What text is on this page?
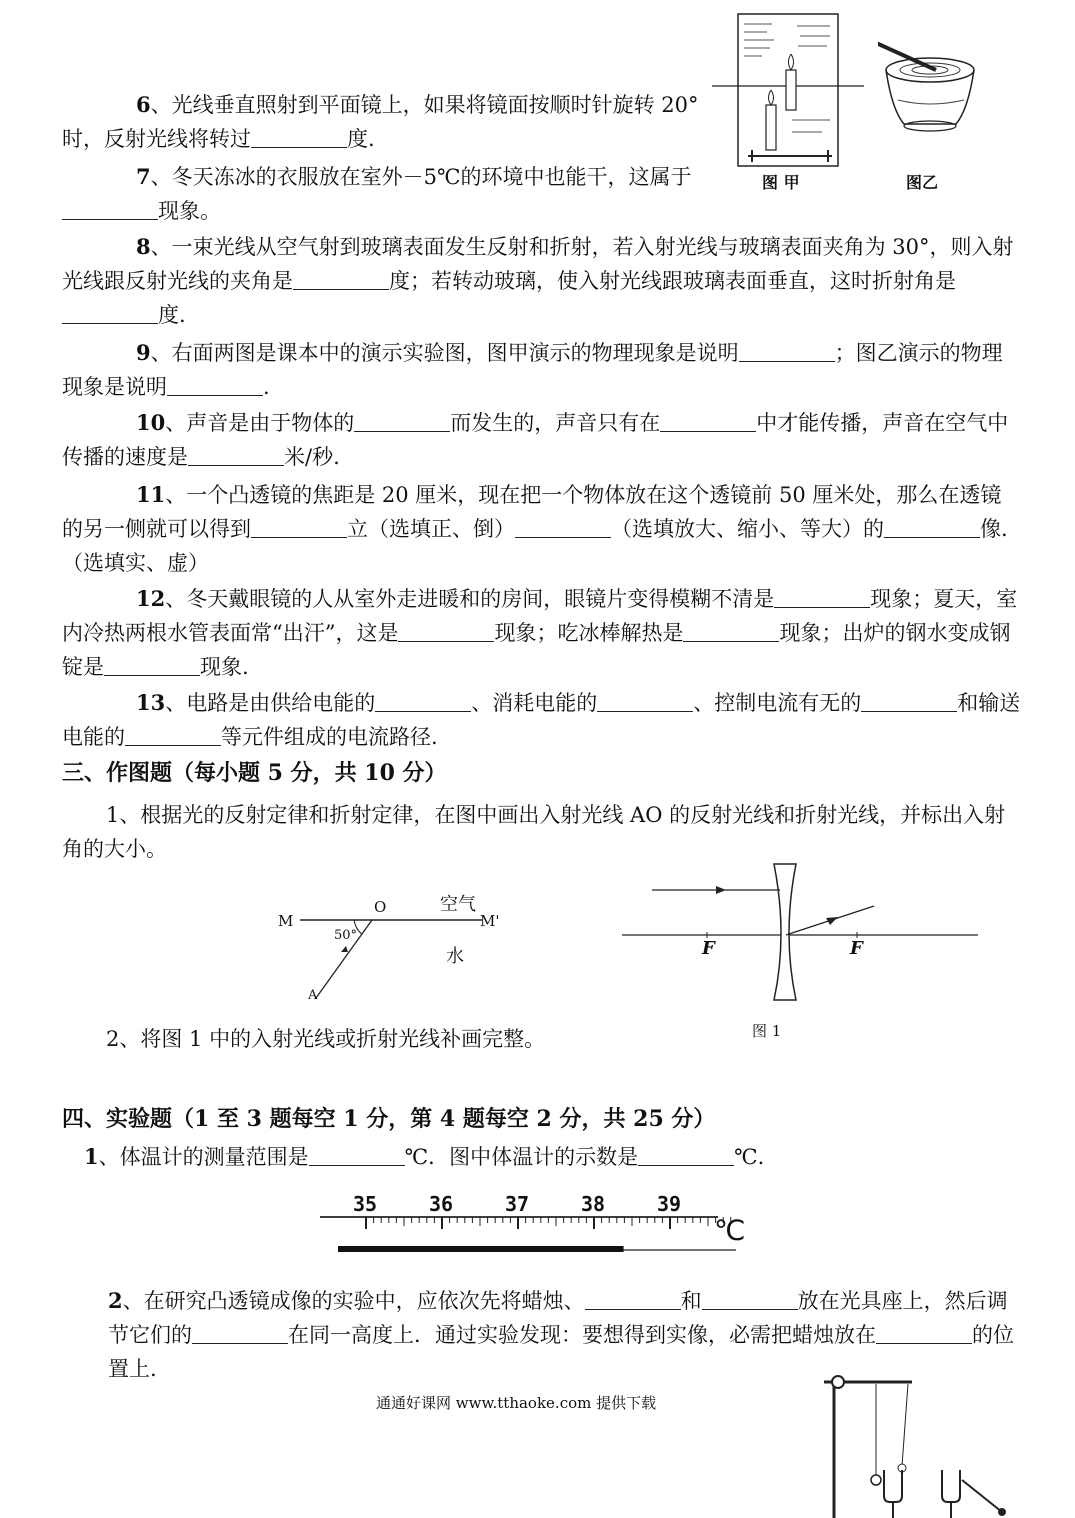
图 甲	图乙
6、光线垂直照射到平面镜上，如果将镜面按顺时针旋转 20° 时，反射光线将转过	度.
7、冬天冻冰的衣服放在室外－5℃的环境中也能干，这属于现象。
8、一束光线从空气射到玻璃表面发生反射和折射，若入射光线与玻璃表面夹角为 30°，则入射光线跟反射光线的夹角是	度；若转动玻璃，使入射光线跟玻璃表面垂直，这时折射角是度.
9、右面两图是课本中的演示实验图，图甲演示的物理现象是说明	；图乙演示的物理现象是说明	.
10、声音是由于物体的	而发生的，声音只有在	中才能传播，声音在空气中传播的速度是	米/秒.
11、一个凸透镜的焦距是 20 厘米，现在把一个物体放在这个透镜前 50 厘米处，那么在透镜的另一侧就可以得到	立（选填正、倒）	（选填放大、缩小、等大）的	像.（选填实、虚）
12、冬天戴眼镜的人从室外走进暖和的房间，眼镜片变得模糊不清是	现象；夏天，室内冷热两根水管表面常“出汗”，这是	现象；吃冰棒解热是	现象；出炉的钢水变成钢锭是	现象.
13、电路是由供给电能的	、消耗电能的	、控制电流有无的	和输送电能的	等元件组成的电流路径.
三、作图题（每小题 5 分，共 10 分）
1、根据光的反射定律和折射定律，在图中画出入射光线 AO 的反射光线和折射光线，并标出入射角的大小。
M
O
M'
50°
空气
水
A
F	F
图 1
2、将图 1 中的入射光线或折射光线补画完整。
四、实验题（1 至 3 题每空 1 分，第 4 题每空 2 分，共 25 分）
1、体温计的测量范围是	℃．图中体温计的示数是	℃.
35	36	37	38	39
℃
2、在研究凸透镜成像的实验中，应依次先将蜡烛、	和	放在光具座上，然后调节它们的	在同一高度上．通过实验发现：要想得到实像，必需把蜡烛放在	的位置上.
通通好课网 www.tthaoke.com 提供下载
